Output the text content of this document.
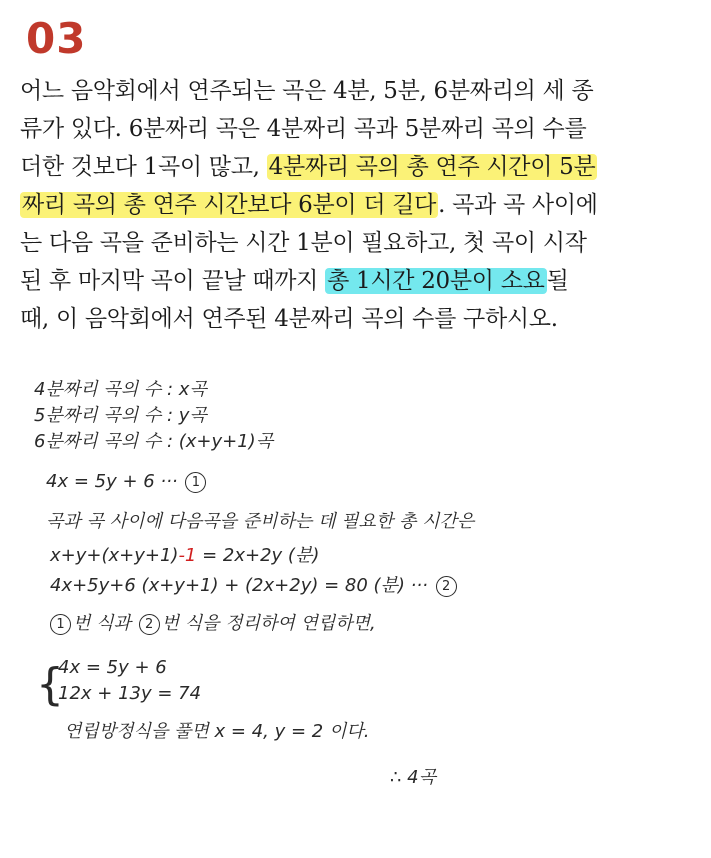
03
어느 음악회에서 연주되는 곡은 4분, 5분, 6분짜리의 세 종
류가 있다. 6분짜리 곡은 4분짜리 곡과 5분짜리 곡의 수를
더한 것보다 1곡이 많고, 4분짜리 곡의 총 연주 시간이 5분
짜리 곡의 총 연주 시간보다 6분이 더 길다. 곡과 곡 사이에
는 다음 곡을 준비하는 시간 1분이 필요하고, 첫 곡이 시작
된 후 마지막 곡이 끝날 때까지 총 1시간 20분이 소요될
때, 이 음악회에서 연주된 4분짜리 곡의 수를 구하시오.
4분짜리 곡의 수 : x곡
5분짜리 곡의 수 : y곡
6분짜리 곡의 수 : (x+y+1)곡
4x = 5y + 6 ··· 1
곡과 곡 사이에 다음곡을 준비하는 데 필요한 총 시간은
x+y+(x+y+1)-1 = 2x+2y (분)
4x+5y+6 (x+y+1) + (2x+2y) = 80 (분) ··· 2
1 번 식과 2 번 식을 정리하여 연립하면,
{
4x = 5y + 6
12x + 13y = 74
연립방정식을 풀면 x = 4, y = 2 이다.
∴ 4곡
